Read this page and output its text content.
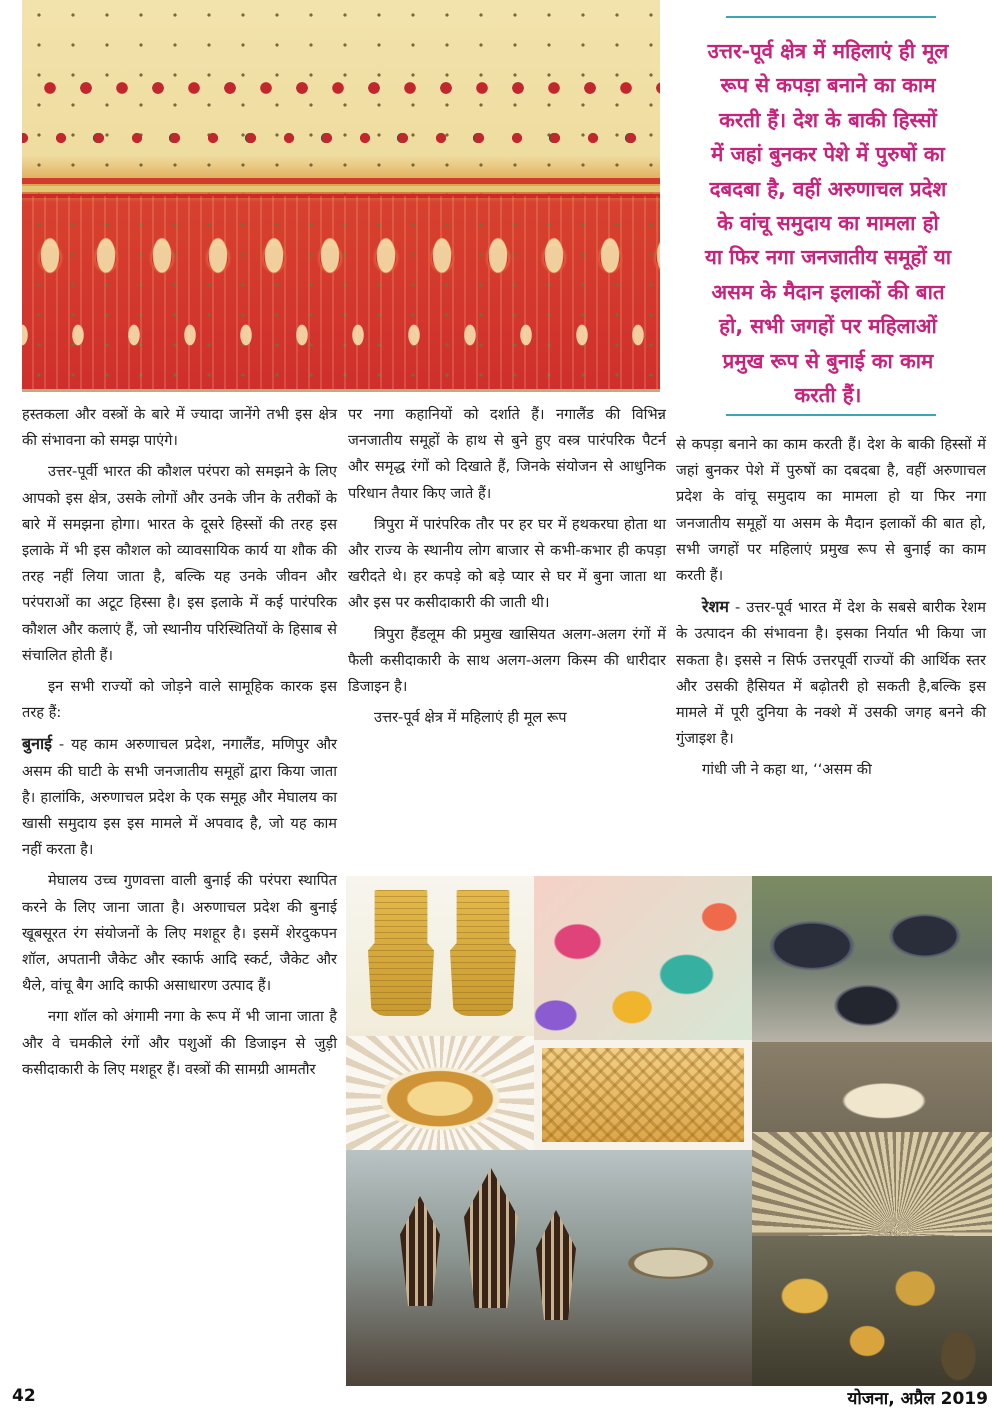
उत्तर-पूर्व क्षेत्र में महिलाएं ही मूल
रूप से कपड़ा बनाने का काम
करती हैं। देश के बाकी हिस्सों
में जहां बुनकर पेशे में पुरुषों का
दबदबा है, वहीं अरुणाचल प्रदेश
के वांचू समुदाय का मामला हो
या फिर नगा जनजातीय समूहों या
असम के मैदान इलाकों की बात
हो, सभी जगहों पर महिलाओं
प्रमुख रूप से बुनाई का काम
करती हैं।

हस्तकला और वस्त्रों के बारे में ज्यादा जानेंगे तभी इस क्षेत्र की संभावना को समझ पाएंगे।

उत्तर-पूर्वी भारत की कौशल परंपरा को समझने के लिए आपको इस क्षेत्र, उसके लोगों और उनके जीन के तरीकों के बारे में समझना होगा। भारत के दूसरे हिस्सों की तरह इस इलाके में भी इस कौशल को व्यावसायिक कार्य या शौक की तरह नहीं लिया जाता है, बल्कि यह उनके जीवन और परंपराओं का अटूट हिस्सा है। इस इलाके में कई पारंपरिक कौशल और कलाएं हैं, जो स्थानीय परिस्थितियों के हिसाब से संचालित होती हैं।

इन सभी राज्यों को जोड़ने वाले सामूहिक कारक इस तरह हैं:

बुनाई - यह काम अरुणाचल प्रदेश, नगालैंड, मणिपुर और असम की घाटी के सभी जनजातीय समूहों द्वारा किया जाता है। हालांकि, अरुणाचल प्रदेश के एक समूह और मेघालय का खासी समुदाय इस इस मामले में अपवाद है, जो यह काम नहीं करता है।

मेघालय उच्च गुणवत्ता वाली बुनाई की परंपरा स्थापित करने के लिए जाना जाता है। अरुणाचल प्रदेश की बुनाई खूबसूरत रंग संयोजनों के लिए मशहूर है। इसमें शेरदुकपन शॉल, अपतानी जैकेट और स्कार्फ आदि स्कर्ट, जैकेट और थैले, वांचू बैग आदि काफी असाधारण उत्पाद हैं।

नगा शॉल को अंगामी नगा के रूप में भी जाना जाता है और वे चमकीले रंगों और पशुओं की डिजाइन से जुड़ी कसीदाकारी के लिए मशहूर हैं। वस्त्रों की सामग्री आमतौर

पर नगा कहानियों को दर्शाते हैं। नगालैंड की विभिन्न जनजातीय समूहों के हाथ से बुने हुए वस्त्र पारंपरिक पैटर्न और समृद्ध रंगों को दिखाते हैं, जिनके संयोजन से आधुनिक परिधान तैयार किए जाते हैं।

त्रिपुरा में पारंपरिक तौर पर हर घर में हथकरघा होता था और राज्य के स्थानीय लोग बाजार से कभी-कभार ही कपड़ा खरीदते थे। हर कपड़े को बड़े प्यार से घर में बुना जाता था और इस पर कसीदाकारी की जाती थी।

त्रिपुरा हैंडलूम की प्रमुख खासियत अलग-अलग रंगों में फैली कसीदाकारी के साथ अलग-अलग किस्म की धारीदार डिजाइन है।

उत्तर-पूर्व क्षेत्र में महिलाएं ही मूल रूप

से कपड़ा बनाने का काम करती हैं। देश के बाकी हिस्सों में जहां बुनकर पेशे में पुरुषों का दबदबा है, वहीं अरुणाचल प्रदेश के वांचू समुदाय का मामला हो या फिर नगा जनजातीय समूहों या असम के मैदान इलाकों की बात हो, सभी जगहों पर महिलाएं प्रमुख रूप से बुनाई का काम करती हैं।

रेशम - उत्तर-पूर्व भारत में देश के सबसे बारीक रेशम के उत्पादन की संभावना है। इसका निर्यात भी किया जा सकता है। इससे न सिर्फ उत्तरपूर्वी राज्यों की आर्थिक स्तर और उसकी हैसियत में बढ़ोतरी हो सकती है,बल्कि इस मामले में पूरी दुनिया के नक्शे में उसकी जगह बनने की गुंजाइश है।

गांधी जी ने कहा था, ‘‘असम की

42	योजना, अप्रैल 2019
